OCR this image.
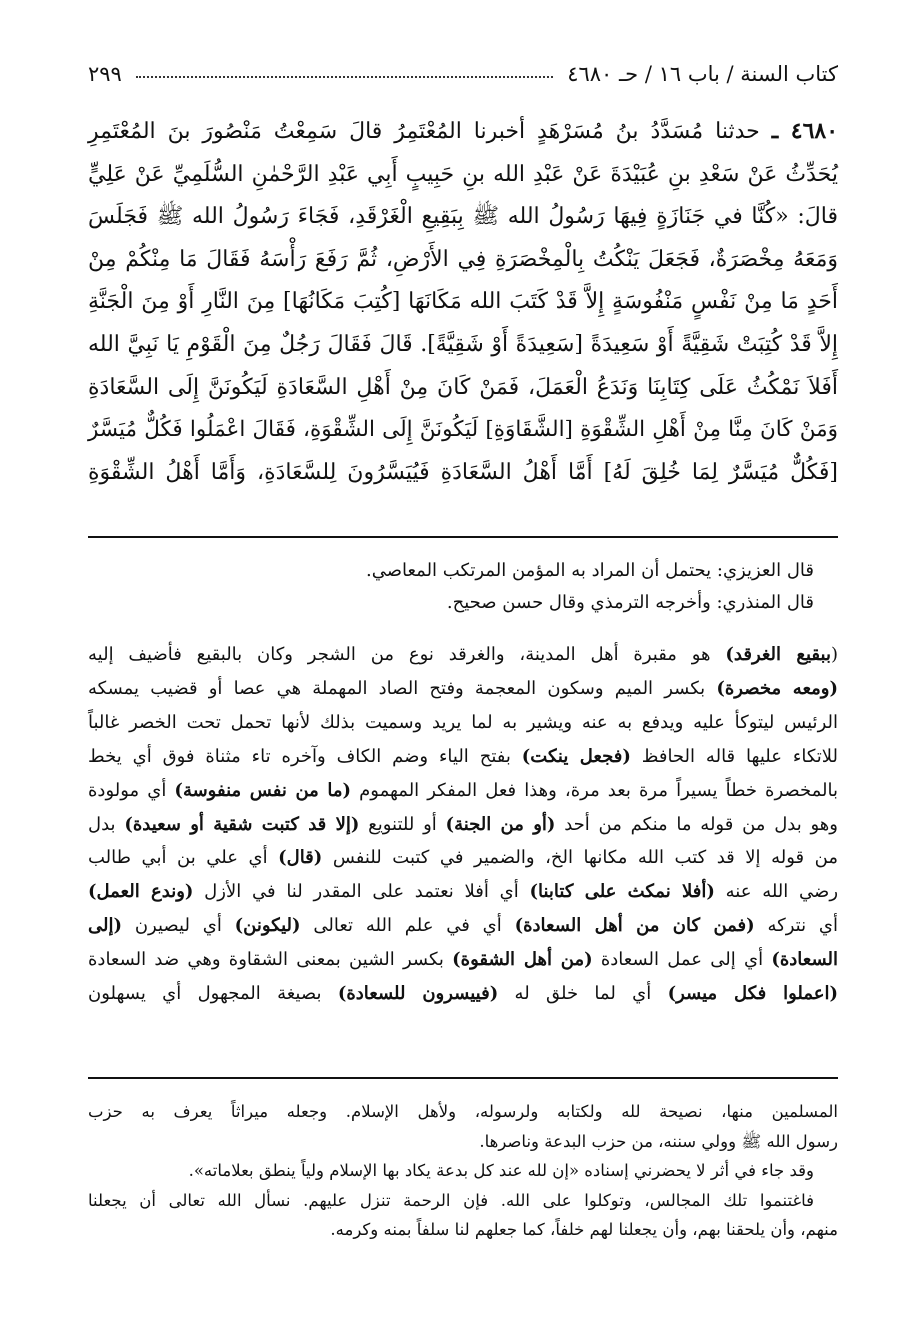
كتاب السنة / باب ١٦ / حـ ٤٦٨٠
٢٩٩

٤٦٨٠ ـ حدثنا مُسَدَّدُ بنُ مُسَرْهَدٍ أخبرنا المُعْتَمِرُ قالَ سَمِعْتُ مَنْصُورَ بنَ المُعْتَمِرِ

يُحَدِّثُ عَنْ سَعْدِ بنِ عُبَيْدَةَ عَنْ عَبْدِ الله بنِ حَبِيبٍ أَبِي عَبْدِ الرَّحْمٰنِ السُّلَمِيِّ عَنْ عَلِيٍّ

قالَ: «كُنَّا في جَنَازَةٍ فِيهَا رَسُولُ الله ﷺ بِبَقِيعِ الْغَرْقَدِ، فَجَاءَ رَسُولُ الله ﷺ فَجَلَسَ

وَمَعَهُ مِخْصَرَةٌ، فَجَعَلَ يَنْكُتُ بِالْمِخْصَرَةِ فِي الأَرْضِ، ثُمَّ رَفَعَ رَأْسَهُ فَقَالَ مَا مِنْكُمْ مِنْ

أَحَدٍ مَا مِنْ نَفْسٍ مَنْفُوسَةٍ إِلاَّ قَدْ كَتَبَ الله مَكَانَهَا [كُتِبَ مَكَانُهَا] مِنَ النَّارِ أَوْ مِنَ الْجَنَّةِ

إِلاَّ قَدْ كُتِبَتْ شَقِيَّةً أَوْ سَعِيدَةً [سَعِيدَةً أَوْ شَقِيَّةً]. قَالَ فَقَالَ رَجُلٌ مِنَ الْقَوْمِ يَا نَبِيَّ الله

أَفَلاَ نَمْكُثُ عَلَى كِتَابِنَا وَنَدَعُ الْعَمَلَ، فَمَنْ كَانَ مِنْ أَهْلِ السَّعَادَةِ لَيَكُونَنَّ إِلَى السَّعَادَةِ

وَمَنْ كَانَ مِنَّا مِنْ أَهْلِ الشِّقْوَةِ [الشَّقَاوَةِ] لَيَكُونَنَّ إِلَى الشِّقْوَةِ، فَقَالَ اعْمَلُوا فَكُلٌّ مُيَسَّرٌ

[فَكُلٌّ مُيَسَّرٌ لِمَا خُلِقَ لَهُ] أَمَّا أَهْلُ السَّعَادَةِ فَيُيَسَّرُونَ لِلسَّعَادَةِ، وَأَمَّا أَهْلُ الشِّقْوَةِ

قال العزيزي: يحتمل أن المراد به المؤمن المرتكب المعاصي.

قال المنذري: وأخرجه الترمذي وقال حسن صحيح.

(ببقيع الغرقد) هو مقبرة أهل المدينة، والغرقد نوع من الشجر وكان بالبقيع فأضيف إليه

(ومعه مخصرة) بكسر الميم وسكون المعجمة وفتح الصاد المهملة هي عصا أو قضيب يمسكه

الرئيس ليتوكأ عليه ويدفع به عنه ويشير به لما يريد وسميت بذلك لأنها تحمل تحت الخصر غالباً

للاتكاء عليها قاله الحافظ (فجعل ينكت) بفتح الياء وضم الكاف وآخره تاء مثناة فوق أي يخط

بالمخصرة خطاً يسيراً مرة بعد مرة، وهذا فعل المفكر المهموم (ما من نفس منفوسة) أي مولودة

وهو بدل من قوله ما منكم من أحد (أو من الجنة) أو للتنويع (إلا قد كتبت شقية أو سعيدة) بدل

من قوله إلا قد كتب الله مكانها الخ، والضمير في كتبت للنفس (قال) أي علي بن أبي طالب

رضي الله عنه (أفلا نمكث على كتابنا) أي أفلا نعتمد على المقدر لنا في الأزل (وندع العمل)

أي نتركه (فمن كان من أهل السعادة) أي في علم الله تعالى (ليكونن) أي ليصيرن (إلى

السعادة) أي إلى عمل السعادة (من أهل الشقوة) بكسر الشين بمعنى الشقاوة وهي ضد السعادة

(اعملوا فكل ميسر) أي لما خلق له (فييسرون للسعادة) بصيغة المجهول أي يسهلون

المسلمين منها، نصيحة لله ولكتابه ولرسوله، ولأهل الإسلام. وجعله ميراثاً يعرف به حزب

رسول الله ﷺ وولي سننه، من حزب البدعة وناصرها.

وقد جاء في أثر لا يحضرني إسناده «إن لله عند كل بدعة يكاد بها الإسلام ولياً ينطق بعلاماته».

فاغتنموا تلك المجالس، وتوكلوا على الله. فإن الرحمة تنزل عليهم. نسأل الله تعالى أن يجعلنا

منهم، وأن يلحقنا بهم، وأن يجعلنا لهم خلفاً، كما جعلهم لنا سلفاً بمنه وكرمه.
